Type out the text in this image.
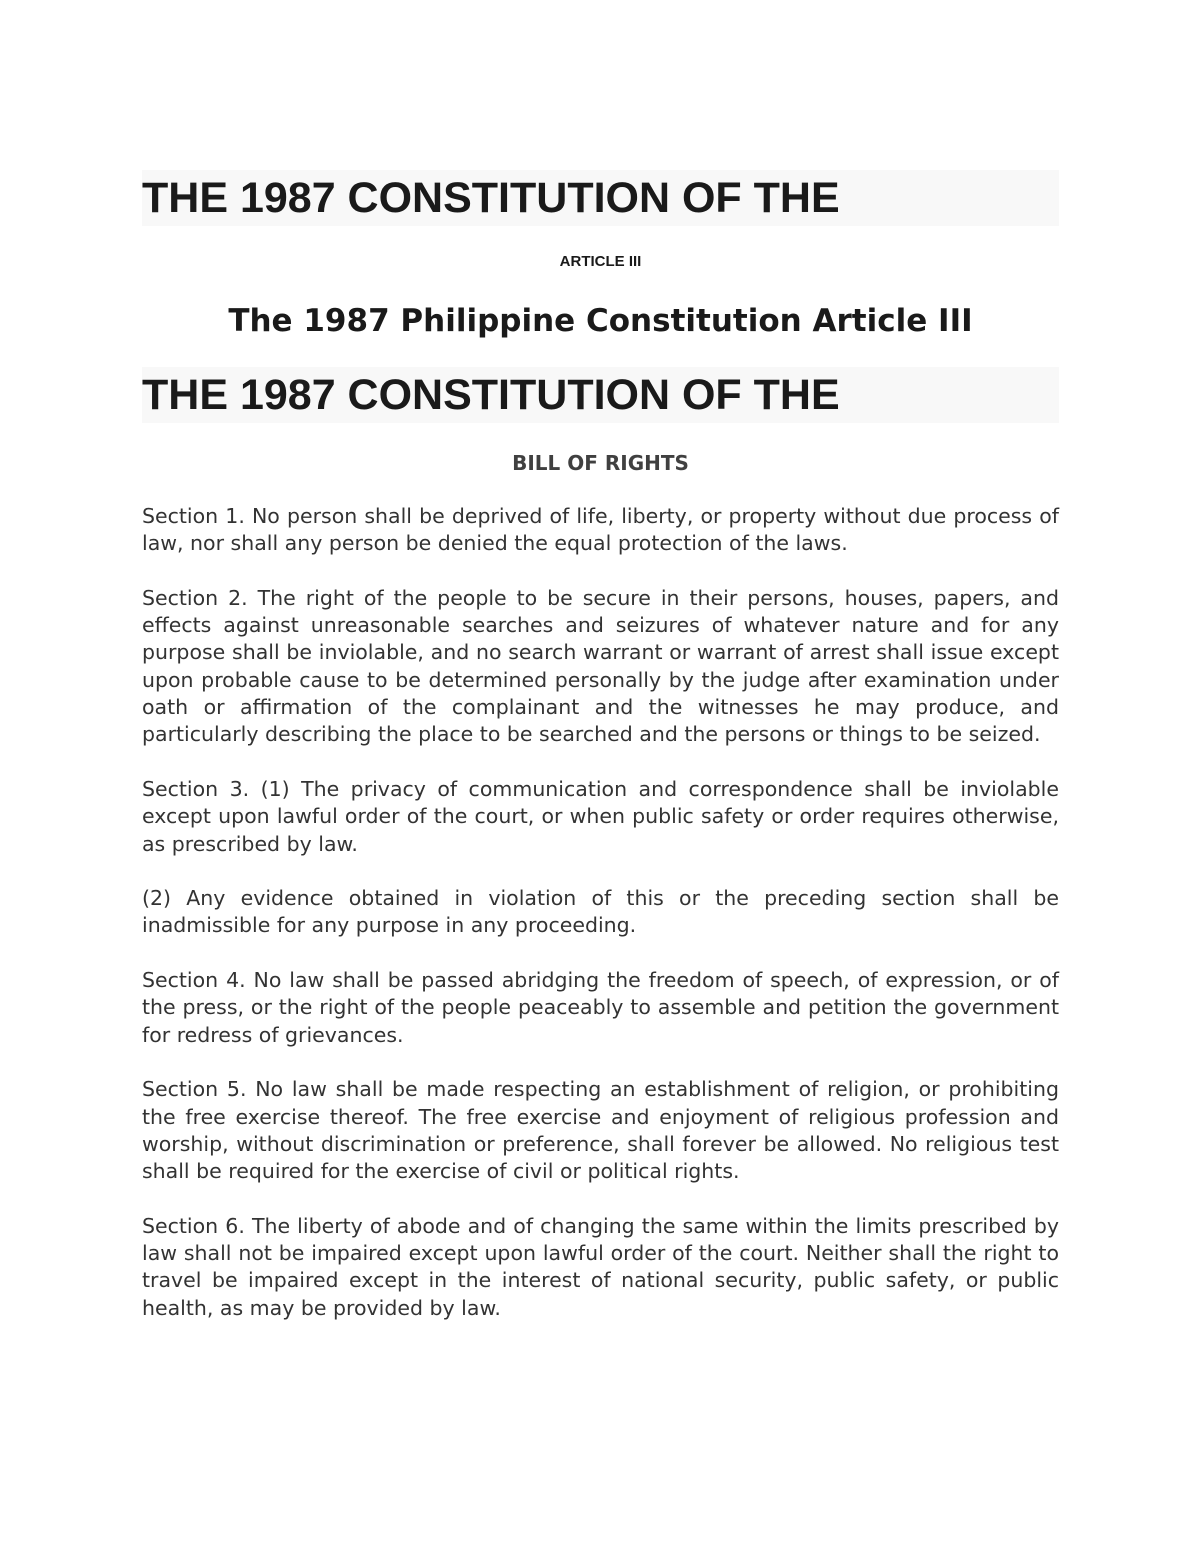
THE 1987 CONSTITUTION OF THE
ARTICLE III
The 1987 Philippine Constitution Article III
THE 1987 CONSTITUTION OF THE
BILL OF RIGHTS

Section 1. No person shall be deprived of life, liberty, or property without due process of law, nor shall any person be denied the equal protection of the laws.

Section 2. The right of the people to be secure in their persons, houses, papers, and effects against unreasonable searches and seizures of whatever nature and for any purpose shall be inviolable, and no search warrant or warrant of arrest shall issue except upon probable cause to be determined personally by the judge after examination under oath or affirmation of the complainant and the witnesses he may produce, and particularly describing the place to be searched and the persons or things to be seized.

Section 3. (1) The privacy of communication and correspondence shall be inviolable except upon lawful order of the court, or when public safety or order requires otherwise, as prescribed by law.

(2) Any evidence obtained in violation of this or the preceding section shall be inadmissible for any purpose in any proceeding.

Section 4. No law shall be passed abridging the freedom of speech, of expression, or of the press, or the right of the people peaceably to assemble and petition the government for redress of grievances.

Section 5. No law shall be made respecting an establishment of religion, or prohibiting the free exercise thereof. The free exercise and enjoyment of religious profession and worship, without discrimination or preference, shall forever be allowed. No religious test shall be required for the exercise of civil or political rights.

Section 6. The liberty of abode and of changing the same within the limits prescribed by law shall not be impaired except upon lawful order of the court. Neither shall the right to travel be impaired except in the interest of national security, public safety, or public health, as may be provided by law.
